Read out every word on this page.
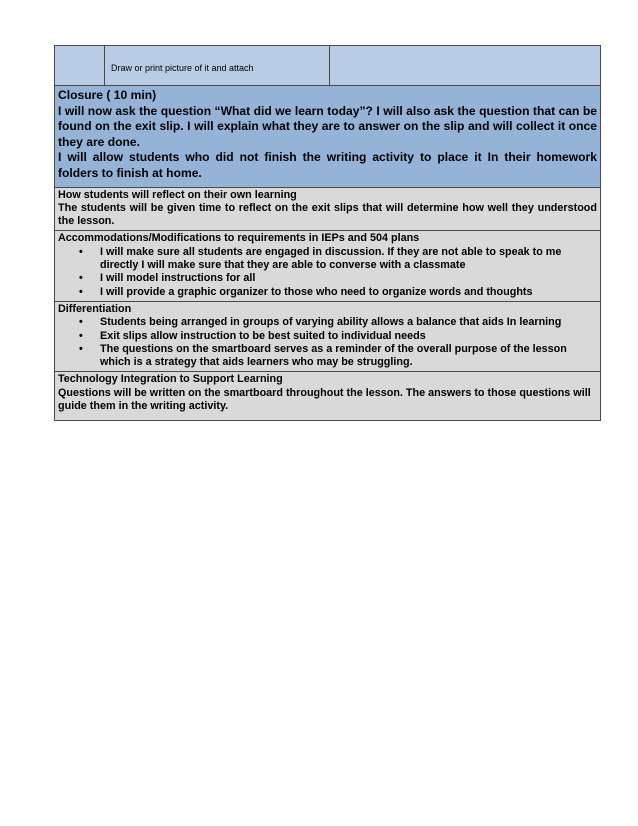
Draw or print picture of it and attach
Closure ( 10 min)
I will now ask the question “What did we learn today”? I will also ask the question that can be found on the exit slip. I will explain what they are to answer on the slip and will collect it once they are done.
I will allow students who did not finish the writing activity to place it In their homework folders to finish at home.
How students will reflect on their own learning
The students will be given time to reflect on the exit slips that will determine how well they understood the lesson.
Accommodations/Modifications to requirements in IEPs and 504 plans
• I will make sure all students are engaged in discussion. If they are not able to speak to me directly I will make sure that they are able to converse with a classmate
• I will model instructions for all
• I will provide a graphic organizer to those who need to organize words and thoughts
Differentiation
• Students being arranged in groups of varying ability allows a balance that aids In learning
• Exit slips allow instruction to be best suited to individual needs
• The questions on the smartboard serves as a reminder of the overall purpose of the lesson which is a strategy that aids learners who may be struggling.
Technology Integration to Support Learning
Questions will be written on the smartboard throughout the lesson. The answers to those questions will guide them in the writing activity.
